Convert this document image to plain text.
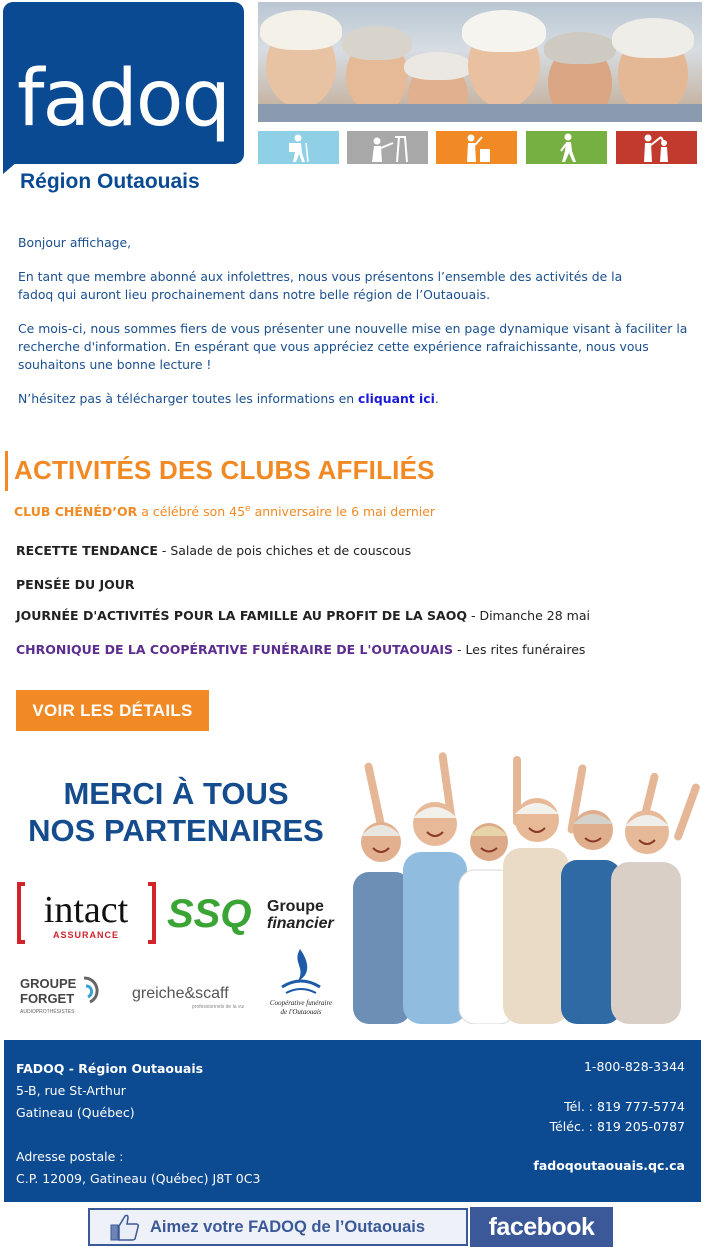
fadoq
Région Outaouais

Bonjour affichage,

En tant que membre abonné aux infolettres, nous vous présentons l’ensemble des activités de la fadoq qui auront lieu prochainement dans notre belle région de l’Outaouais.

Ce mois-ci, nous sommes fiers de vous présenter une nouvelle mise en page dynamique visant à faciliter la recherche d'information. En espérant que vous appréciez cette expérience rafraichissante, nous vous souhaitons une bonne lecture !

N’hésitez pas à télécharger toutes les informations en cliquant ici.

ACTIVITÉS DES CLUBS AFFILIÉS
CLUB CHÉNÉD’OR a célébré son 45e anniversaire le 6 mai dernier
RECETTE TENDANCE - Salade de pois chiches et de couscous
PENSÉE DU JOUR
JOURNÉE D'ACTIVITÉS POUR LA FAMILLE AU PROFIT DE LA SAOQ - Dimanche 28 mai
CHRONIQUE DE LA COOPÉRATIVE FUNÉRAIRE DE L'OUTAOUAIS - Les rites funéraires
VOIR LES DÉTAILS
MERCI À TOUS
NOS PARTENAIRES
intact
ASSURANCE SSQ Groupe
financier
GROUPE
FORGET
AUDIOPROTHÉSISTES
greiche&scaff
professionnels de la vue	Coopérative funéraire
de l'Outaouais
FADOQ - Région Outaouais
5-B, rue St-Arthur
Gatineau (Québec)
Adresse postale :
C.P. 12009, Gatineau (Québec) J8T 0C3
1-800-828-3344
Tél. : 819 777-5774
Téléc. : 819 205-0787
fadoqoutaouais.qc.ca
Aimez votre FADOQ de l’Outaouais	facebook
